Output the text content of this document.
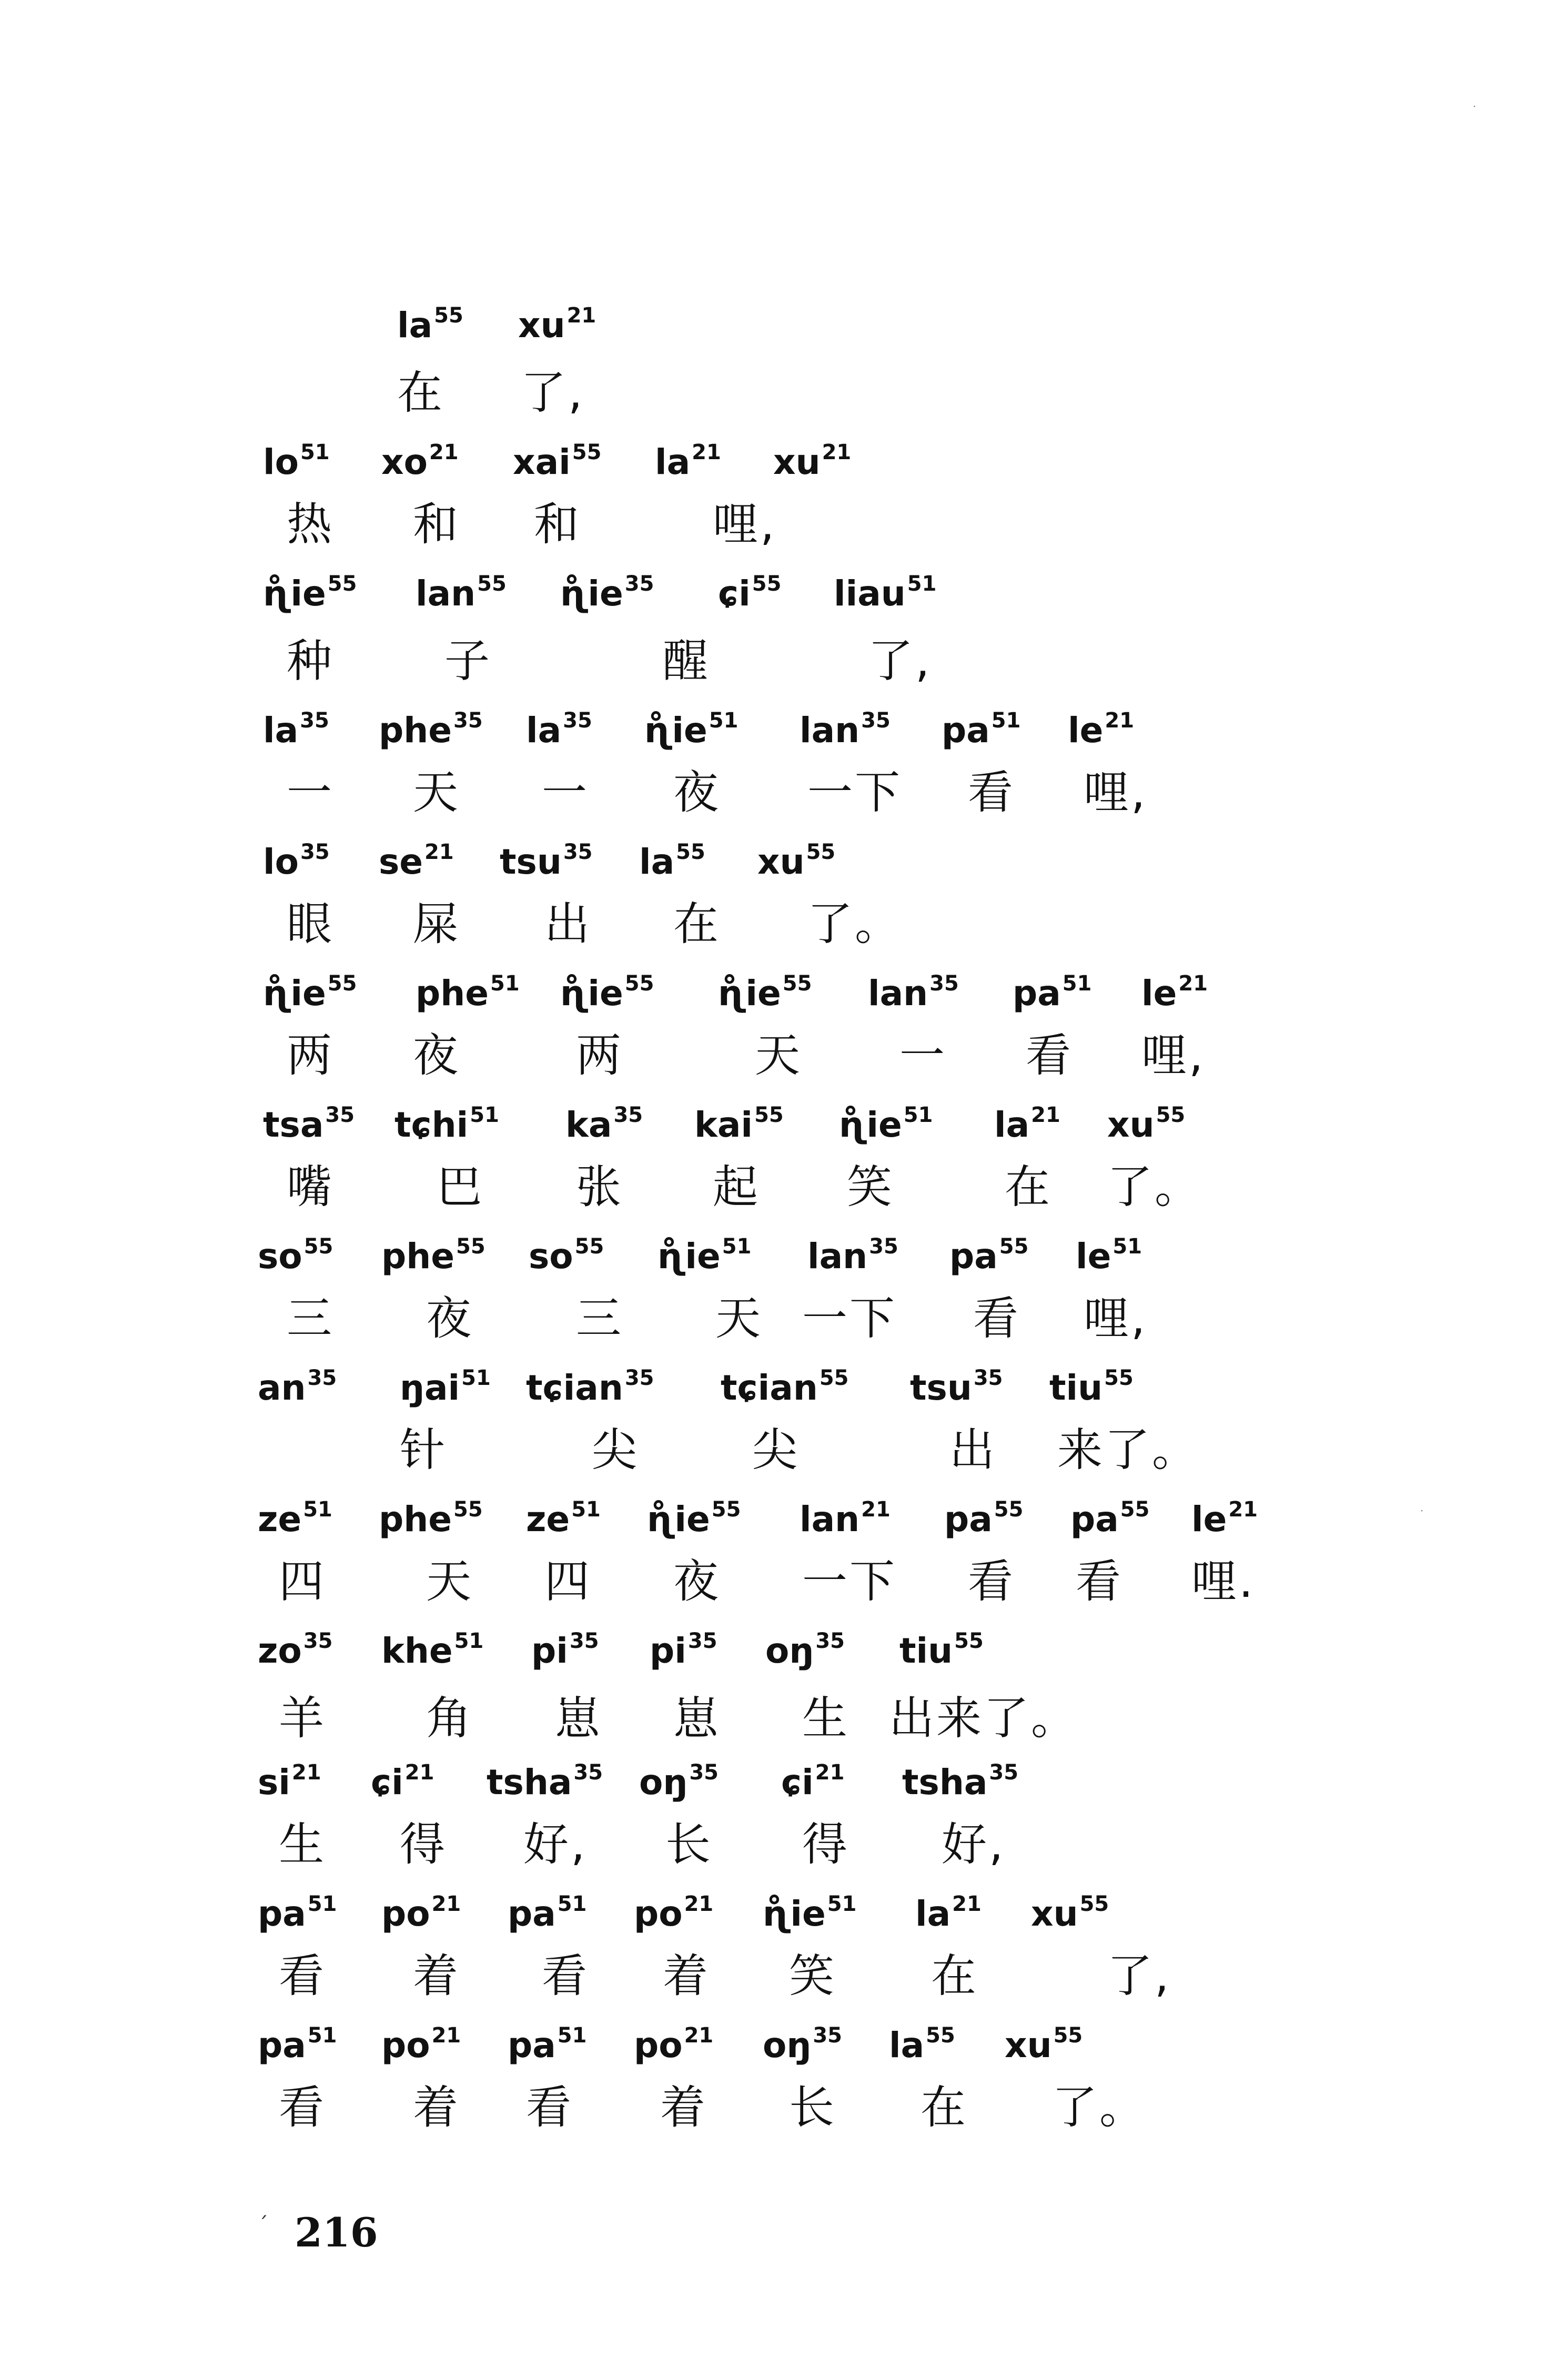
$la^{55}$ $xu^{21}$
在 了,
$lo^{51}$ $xo^{21}$ xai$^{55}$ $la^{21}$ $xu^{21}$
热 和 和	哩,
$ɳ̊ie^{55}$ lan$^{55}$ $ɳ̊ie^{35}$ ɕi$^{55}$ liau$^{51}$
种 子	醒	了,
$la^{35}$ phe$^{35}$ $la^{35}$ $ɳ̊ie^{51}$ lan$^{35}$ $pa^{51}$ $le^{21}$
一 天 一 夜 一下 看 哩,
$lo^{35}$ $se^{21}$ tsu$^{35}$ $la^{55}$ $xu^{55}$
眼 屎 出 在 了。
$ɳ̊ie^{55}$ phe$^{51}$ $ɳ̊ie^{55}$ $ɳ̊ie^{55}$ lan$^{35}$ $pa^{51}$ $le^{21}$
两 夜	两	天 一 看 哩,
tsa$^{35}$ tɕhi$^{51}$ $ka^{35}$ kai$^{55}$ $ɳ̊ie^{51}$ $la^{21}$ $xu^{55}$
嘴 巴 张 起 笑 在 了。
$so^{55}$ phe$^{55}$ $so^{55}$ $ɳ̊ie^{51}$ lan$^{35}$ $pa^{55}$ $le^{51}$
三 夜 三 天 一下 看 哩,
$an^{35}$ ŋai$^{51}$ tɕian$^{35}$ tɕian$^{55}$ tsu$^{35}$ tiu$^{55}$
针	尖	尖	出 来了。
$ze^{51}$ phe$^{55}$ $ze^{51}$ $ɳ̊ie^{55}$ lan$^{21}$ $pa^{55}$ $pa^{55}$ $le^{21}$
四 天 四 夜 一下 看 看 哩.
$zo^{35}$ khe$^{51}$ $pi^{35}$ $pi^{35}$ $oŋ^{35}$ tiu$^{55}$
羊 角 崽 崽 生 出来了。
$si^{21}$ ɕi$^{21}$ tsha$^{35}$ $oŋ^{35}$ ɕi$^{21}$ tsha$^{35}$
生 得 好, 长 得 好,
$pa^{51}$ $po^{21}$ $pa^{51}$ $po^{21}$ $ɳ̊ie^{51}$ $la^{21}$ $xu^{55}$
看 着 看 着 笑 在	了,
$pa^{51}$ $po^{21}$ $pa^{51}$ $po^{21}$ $oŋ^{35}$ $la^{55}$ $xu^{55}$
看 着 看 着 长 在 了。
´ 216
·
·
